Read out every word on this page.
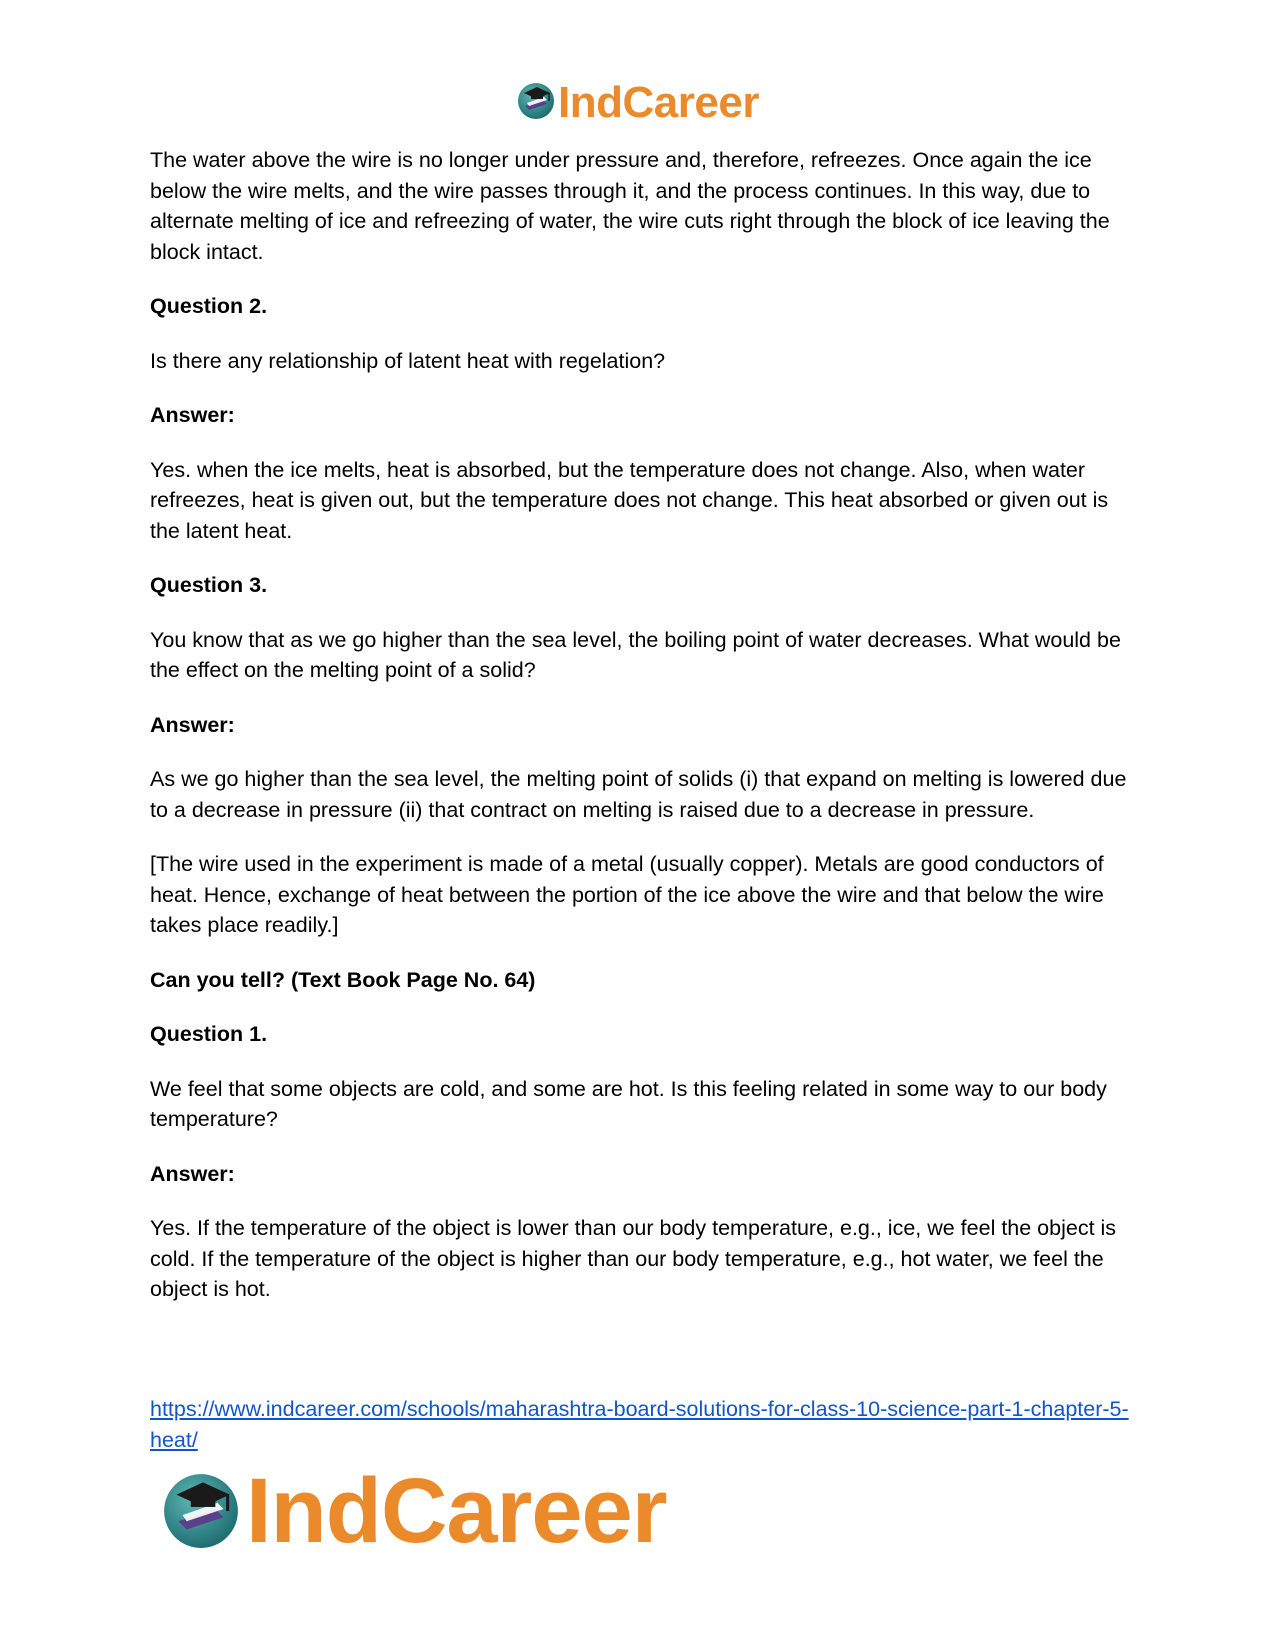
IndCareer

The water above the wire is no longer under pressure and, therefore, refreezes. Once again the ice below the wire melts, and the wire passes through it, and the process continues. In this way, due to alternate melting of ice and refreezing of water, the wire cuts right through the block of ice leaving the block intact.

Question 2.

Is there any relationship of latent heat with regelation?

Answer:

Yes. when the ice melts, heat is absorbed, but the temperature does not change. Also, when water refreezes, heat is given out, but the temperature does not change. This heat absorbed or given out is the latent heat.

Question 3.

You know that as we go higher than the sea level, the boiling point of water decreases. What would be the effect on the melting point of a solid?

Answer:

As we go higher than the sea level, the melting point of solids (i) that expand on melting is lowered due to a decrease in pressure (ii) that contract on melting is raised due to a decrease in pressure.

[The wire used in the experiment is made of a metal (usually copper). Metals are good conductors of heat. Hence, exchange of heat between the portion of the ice above the wire and that below the wire takes place readily.]

Can you tell? (Text Book Page No. 64)

Question 1.

We feel that some objects are cold, and some are hot. Is this feeling related in some way to our body temperature?

Answer:

Yes. If the temperature of the object is lower than our body temperature, e.g., ice, we feel the object is cold. If the temperature of the object is higher than our body temperature, e.g., hot water, we feel the object is hot.

https://www.indcareer.com/schools/maharashtra-board-solutions-for-class-10-science-part-1-chapter-5-heat/
IndCareer
